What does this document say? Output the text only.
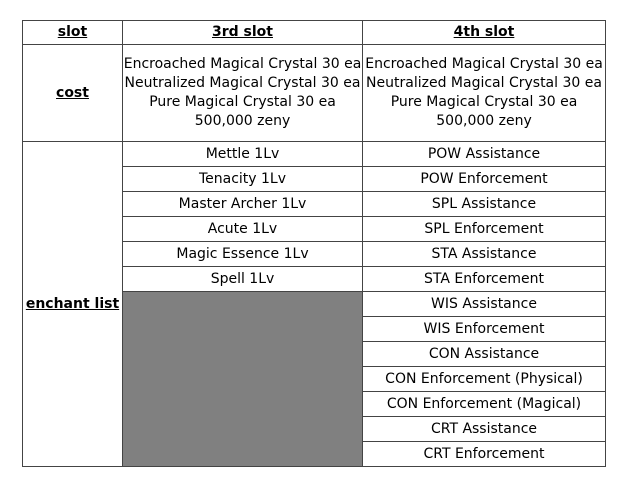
slot	3rd slot	4th slot
cost	Encroached Magical Crystal 30 ea
Neutralized Magical Crystal 30 ea
Pure Magical Crystal 30 ea
500,000 zeny	Encroached Magical Crystal 30 ea
Neutralized Magical Crystal 30 ea
Pure Magical Crystal 30 ea
500,000 zeny

enchant list	Mettle 1Lv	POW Assistance
	Tenacity 1Lv	POW Enforcement
	Master Archer 1Lv	SPL Assistance
	Acute 1Lv	SPL Enforcement
	Magic Essence 1Lv	STA Assistance
	Spell 1Lv	STA Enforcement
		WIS Assistance
		WIS Enforcement
		CON Assistance
		CON Enforcement (Physical)
		CON Enforcement (Magical)
		CRT Assistance
		CRT Enforcement
